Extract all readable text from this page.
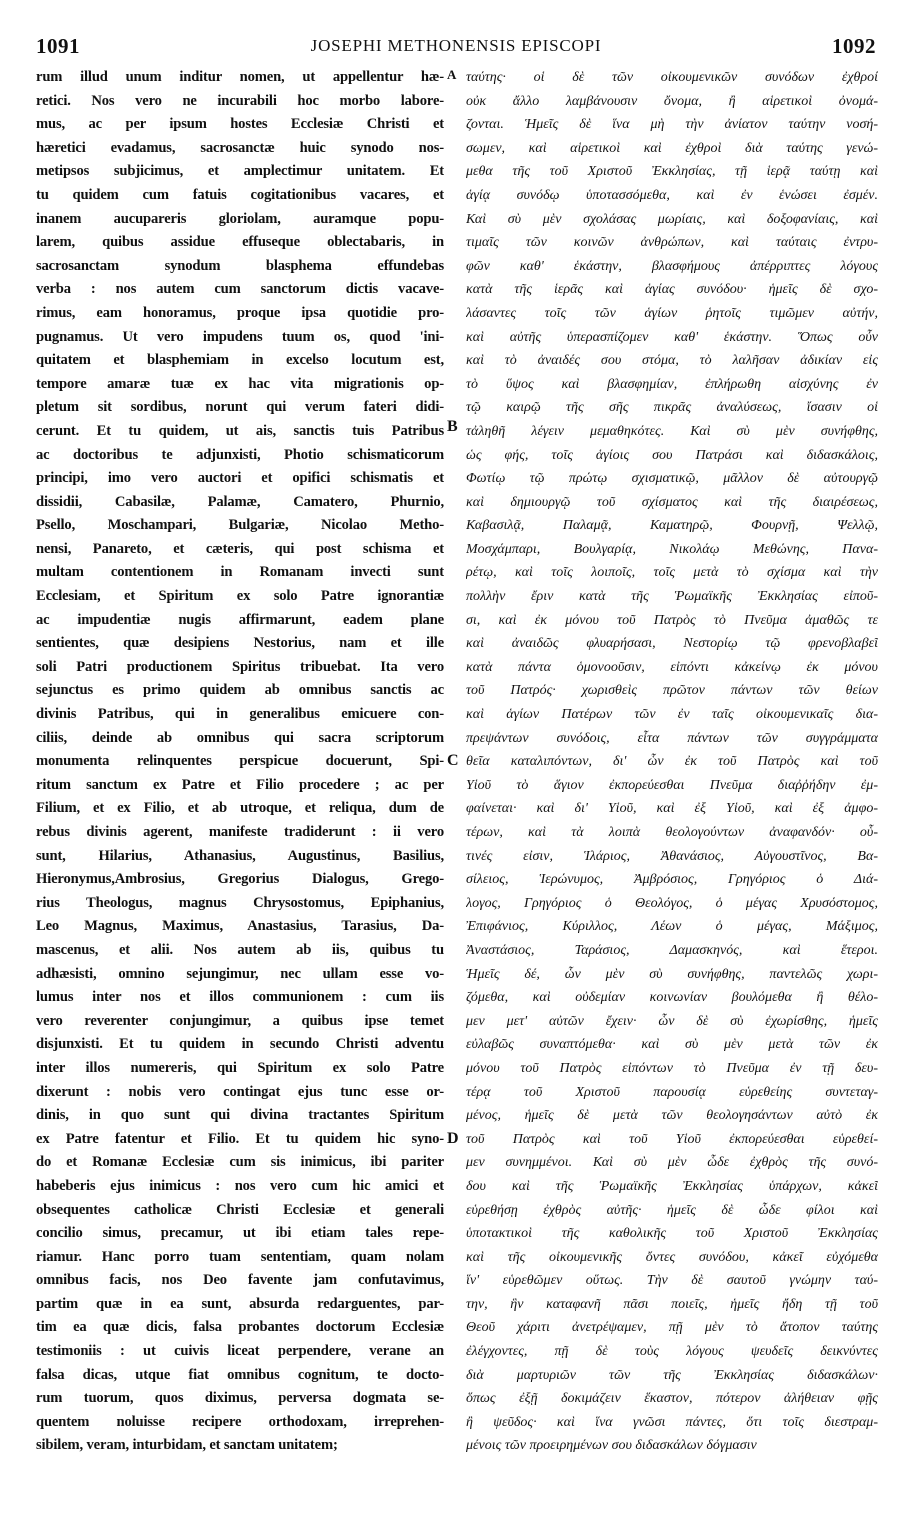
1091	JOSEPHI METHONENSIS EPISCOPI	1092
rum illud unum inditur nomen, ut appellentur hæ-
retici. Nos vero ne incurabili hoc morbo labore-
mus, ac per ipsum hostes Ecclesiæ Christi et
hæretici evadamus, sacrosanctæ huic synodo nos-
metipsos subjicimus, et amplectimur unitatem. Et
tu quidem cum fatuis cogitationibus vacares, et
inanem aucupareris gloriolam, auramque popu-
larem, quibus assidue effuseque oblectabaris, in
sacrosanctam synodum blasphema effundebas
verba : nos autem cum sanctorum dictis vacave-
rimus, eam honoramus, proque ipsa quotidie pro-
pugnamus. Ut vero impudens tuum os, quod 'ini-
quitatem et blasphemiam in excelso locutum est,
tempore amaræ tuæ ex hac vita migrationis op-
pletum sit sordibus, norunt qui verum fateri didi-
cerunt. Et tu quidem, ut ais, sanctis tuis Patribus
ac doctoribus te adjunxisti, Photio schismaticorum
principi, imo vero auctori et opifici schismatis et
dissidii, Cabasilæ, Palamæ, Camatero, Phurnio,
Psello, Moschampari, Bulgariæ, Nicolao Metho-
nensi, Panareto, et cæteris, qui post schisma et
multam contentionem in Romanam invecti sunt
Ecclesiam, et Spiritum ex solo Patre ignorantiæ
ac impudentiæ nugis affirmarunt, eadem plane
sentientes, quæ desipiens Nestorius, nam et ille
soli Patri productionem Spiritus tribuebat. Ita vero
sejunctus es primo quidem ab omnibus sanctis ac
divinis Patribus, qui in generalibus emicuere con-
ciliis, deinde ab omnibus qui sacra scriptorum
monumenta relinquentes perspicue docuerunt, Spi-
ritum sanctum ex Patre et Filio procedere ; ac per
Filium, et ex Filio, et ab utroque, et reliqua, dum de
rebus divinis agerent, manifeste tradiderunt : ii vero
sunt, Hilarius, Athanasius, Augustinus, Basilius,
Hieronymus,Ambrosius, Gregorius Dialogus, Grego-
rius Theologus, magnus Chrysostomus, Epiphanius,
Leo Magnus, Maximus, Anastasius, Tarasius, Da-
mascenus, et alii. Nos autem ab iis, quibus tu
adhæsisti, omnino sejungimur, nec ullam esse vo-
lumus inter nos et illos communionem : cum iis
vero reverenter conjungimur, a quibus ipse temet
disjunxisti. Et tu quidem in secundo Christi adventu
inter illos numereris, qui Spiritum ex solo Patre
dixerunt : nobis vero contingat ejus tunc esse or-
dinis, in quo sunt qui divina tractantes Spiritum
ex Patre fatentur et Filio. Et tu quidem hic syno-
do et Romanæ Ecclesiæ cum sis inimicus, ibi pariter
habeberis ejus inimicus : nos vero cum hic amici et
obsequentes catholicæ Christi Ecclesiæ et generali
concilio simus, precamur, ut ibi etiam tales repe-
riamur. Hanc porro tuam sententiam, quam nolam
omnibus facis, nos Deo favente jam confutavimus,
partim quæ in ea sunt, absurda redarguentes, par-
tim ea quæ dicis, falsa probantes doctorum Ecclesiæ
testimoniis : ut cuivis liceat perpendere, verane an
falsa dicas, utque fiat omnibus cognitum, te docto-
rum tuorum, quos diximus, perversa dogmata se-
quentem noluisse recipere orthodoxam, irreprehen-
sibilem, veram, inturbidam, et sanctam unitatem;
A
B
C
D
ταύτης· οἱ δὲ τῶν οἰκουμενικῶν συνόδων ἐχθροί
οὐκ ἄλλο λαμβάνουσιν ὄνομα, ἢ αἱρετικοὶ ὀνομά-
ζονται. Ἡμεῖς δὲ ἵνα μὴ τὴν ἀνίατον ταύτην νοσή-
σωμεν, καὶ αἱρετικοὶ καὶ ἐχθροὶ διὰ ταύτης γενώ-
μεθα τῆς τοῦ Χριστοῦ Ἐκκλησίας, τῇ ἱερᾷ ταύτῃ καὶ
ἁγίᾳ συνόδῳ ὑποτασσόμεθα, καὶ ἐν ἑνώσει ἐσμέν.
Καὶ σὺ μὲν σχολάσας μωρίαις, καὶ δοξοφανίαις, καὶ
τιμαῖς τῶν κοινῶν ἀνθρώπων, καὶ ταύταις ἐντρυ-
φῶν καθ' ἑκάστην, βλασφήμους ἀπέρριπτες λόγους
κατὰ τῆς ἱερᾶς καὶ ἁγίας συνόδου· ἡμεῖς δὲ σχο-
λάσαντες τοῖς τῶν ἁγίων ῥητοῖς τιμῶμεν αὐτήν,
καὶ αὐτῆς ὑπερασπίζομεν καθ' ἑκάστην. Ὅπως οὖν
καὶ τὸ ἀναιδές σου στόμα, τὸ λαλῆσαν ἀδικίαν εἰς
τὸ ὕψος καὶ βλασφημίαν, ἐπλήρωθη αἰσχύνης ἐν
τῷ καιρῷ τῆς σῆς πικρᾶς ἀναλύσεως, ἴσασιν οἱ
τἀληθῆ λέγειν μεμαθηκότες. Καὶ σὺ μὲν συνήφθης,
ὡς φής, τοῖς ἁγίοις σου Πατράσι καὶ διδασκάλοις,
Φωτίῳ τῷ πρώτῳ σχισματικῷ, μᾶλλον δὲ αὐτουργῷ
καὶ δημιουργῷ τοῦ σχίσματος καὶ τῆς διαιρέσεως,
Καβασιλᾷ, Παλαμᾷ, Καματηρῷ, Φουρνῇ, Ψελλῷ,
Μοσχάμπαρι, Βουλγαρίᾳ, Νικολάῳ Μεθώνης, Πανα-
ρέτῳ, καὶ τοῖς λοιποῖς, τοῖς μετὰ τὸ σχίσμα καὶ τὴν
πολλὴν ἔριν κατὰ τῆς Ῥωμαϊκῆς Ἐκκλησίας εἰποῦ-
σι, καὶ ἐκ μόνου τοῦ Πατρὸς τὸ Πνεῦμα ἀμαθῶς τε
καὶ ἀναιδῶς φλυαρήσασι, Νεστορίῳ τῷ φρενοβλαβεῖ
κατὰ πάντα ὁμονοοῦσιν, εἰπόντι κἀκείνῳ ἐκ μόνου
τοῦ Πατρός· χωρισθεὶς πρῶτον πάντων τῶν θείων
καὶ ἁγίων Πατέρων τῶν ἐν ταῖς οἰκουμενικαῖς δια-
πρεψάντων συνόδοις, εἶτα πάντων τῶν συγγράμματα
θεῖα καταλιπόντων, δι' ὧν ἐκ τοῦ Πατρὸς καὶ τοῦ
Υἱοῦ τὸ ἅγιον ἐκπορεύεσθαι Πνεῦμα διαῤῥήδην ἐμ-
φαίνεται· καὶ δι' Υἱοῦ, καὶ ἐξ Υἱοῦ, καὶ ἐξ ἀμφο-
τέρων, καὶ τὰ λοιπὰ θεολογούντων ἀναφανδόν· οὗ-
τινές εἰσιν, Ἱλάριος, Ἀθανάσιος, Αὐγουστῖνος, Βα-
σίλειος, Ἱερώνυμος, Ἀμβρόσιος, Γρηγόριος ὁ Διά-
λογος, Γρηγόριος ὁ Θεολόγος, ὁ μέγας Χρυσόστομος,
Ἐπιφάνιος, Κύριλλος, Λέων ὁ μέγας, Μάξιμος,
Ἀναστάσιος, Ταράσιος, Δαμασκηνός, καὶ ἕτεροι.
Ἡμεῖς δέ, ὧν μὲν σὺ συνήφθης, παντελῶς χωρι-
ζόμεθα, καὶ οὐδεμίαν κοινωνίαν βουλόμεθα ἢ θέλο-
μεν μετ' αὐτῶν ἔχειν· ὧν δὲ σὺ ἐχωρίσθης, ἡμεῖς
εὐλαβῶς συναπτόμεθα· καὶ σὺ μὲν μετὰ τῶν ἐκ
μόνου τοῦ Πατρὸς εἰπόντων τὸ Πνεῦμα ἐν τῇ δευ-
τέρᾳ τοῦ Χριστοῦ παρουσίᾳ εὑρεθείης συντεταγ-
μένος, ἡμεῖς δὲ μετὰ τῶν θεολογησάντων αὐτὸ ἐκ
τοῦ Πατρὸς καὶ τοῦ Υἱοῦ ἐκπορεύεσθαι εὑρεθεί-
μεν συνημμένοι. Καὶ σὺ μὲν ὧδε ἐχθρὸς τῆς συνό-
δου καὶ τῆς Ῥωμαϊκῆς Ἐκκλησίας ὑπάρχων, κἀκεῖ
εὑρεθήσῃ ἐχθρὸς αὐτῆς· ἡμεῖς δὲ ὧδε φίλοι καὶ
ὑποτακτικοὶ τῆς καθολικῆς τοῦ Χριστοῦ Ἐκκλησίας
καὶ τῆς οἰκουμενικῆς ὄντες συνόδου, κἀκεῖ εὐχόμεθα
ἵν' εὑρεθῶμεν οὕτως. Τὴν δὲ σαυτοῦ γνώμην ταύ-
την, ἣν καταφανῆ πᾶσι ποιεῖς, ἡμεῖς ἤδη τῇ τοῦ
Θεοῦ χάριτι ἀνετρέψαμεν, πῇ μὲν τὸ ἄτοπον ταύτης
ἐλέγχοντες, πῇ δὲ τοὺς λόγους ψευδεῖς δεικνύντες
διὰ μαρτυριῶν τῶν τῆς Ἐκκλησίας διδασκάλων·
ὅπως ἐξῇ δοκιμάζειν ἕκαστον, πότερον ἀλήθειαν φῇς
ἢ ψεῦδος· καὶ ἵνα γνῶσι πάντες, ὅτι τοῖς διεστραμ-
μένοις τῶν προειρημένων σου διδασκάλων δόγμασιν
